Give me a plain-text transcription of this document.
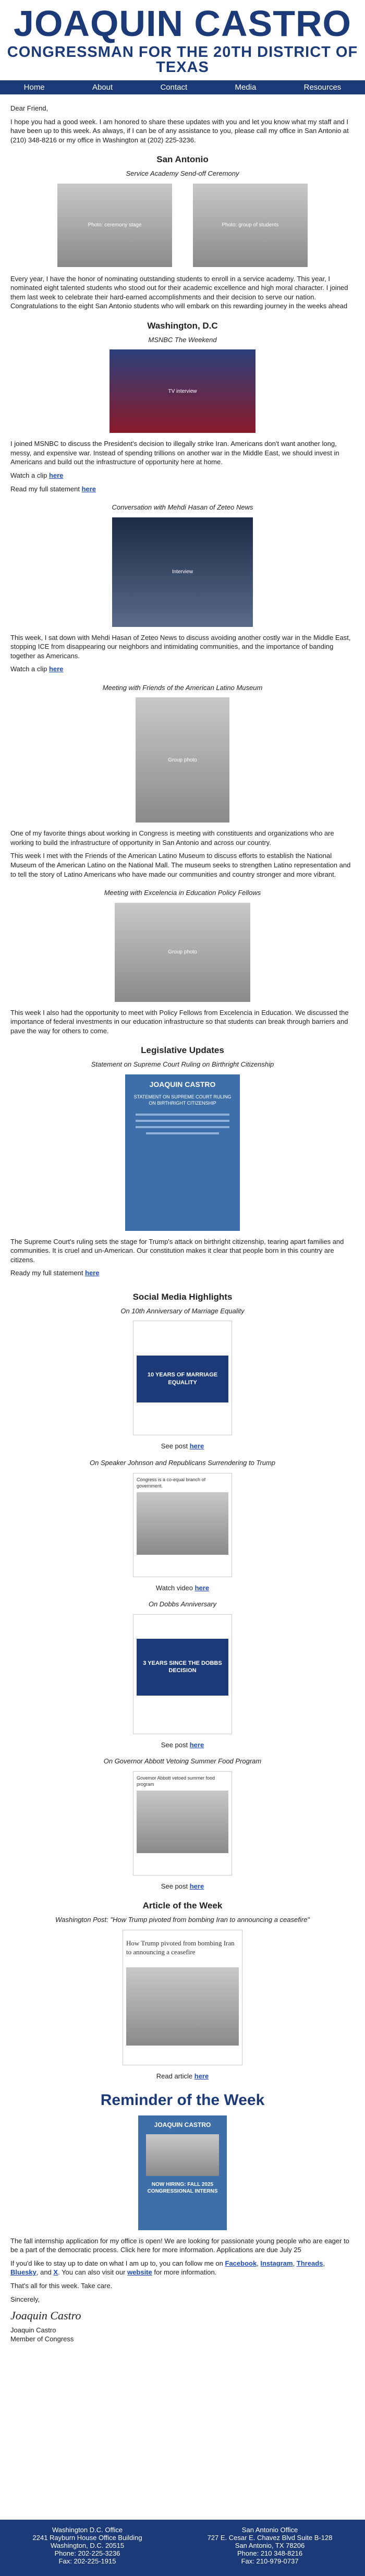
JOAQUIN CASTRO
CONGRESSMAN FOR THE 20TH DISTRICT OF TEXAS
Home	About	Contact	Media	Resources

Dear Friend,

I hope you had a good week. I am honored to share these updates with you and let you know what my staff and I have been up to this week. As always, if I can be of any assistance to you, please call my office in San Antonio at (210) 348-8216 or my office in Washington at (202) 225-3236.

San Antonio
Service Academy Send-off Ceremony
Photo: ceremony stage	Photo: group of students

Every year, I have the honor of nominating outstanding students to enroll in a service academy. This year, I nominated eight talented students who stood out for their academic excellence and high moral character. I joined them last week to celebrate their hard-earned accomplishments and their decision to serve our nation. Congratulations to the eight San Antonio students who will embark on this rewarding journey in the weeks ahead

Washington, D.C
MSNBC The Weekend
TV interview

I joined MSNBC to discuss the President's decision to illegally strike Iran. Americans don't want another long, messy, and expensive war. Instead of spending trillions on another war in the Middle East, we should invest in Americans and build out the infrastructure of opportunity here at home.

Watch a clip here

Read my full statement here

Conversation with Mehdi Hasan of Zeteo News
Interview

This week, I sat down with Mehdi Hasan of Zeteo News to discuss avoiding another costly war in the Middle East, stopping ICE from disappearing our neighbors and intimidating communities, and the importance of banding together as Americans.

Watch a clip here

Meeting with Friends of the American Latino Museum
Group photo

One of my favorite things about working in Congress is meeting with constituents and organizations who are working to build the infrastructure of opportunity in San Antonio and across our country.

This week I met with the Friends of the American Latino Museum to discuss efforts to establish the National Museum of the American Latino on the National Mall. The museum seeks to strengthen Latino representation and to tell the story of Latino Americans who have made our communities and country stronger and more vibrant.

Meeting with Excelencia in Education Policy Fellows
Group photo

This week I also had the opportunity to meet with Policy Fellows from Excelencia in Education. We discussed the importance of federal investments in our education infrastructure so that students can break through barriers and pave the way for others to come.

Legislative Updates
Statement on Supreme Court Ruling on Birthright Citizenship
JOAQUIN CASTRO
STATEMENT ON SUPREME COURT RULING ON BIRTHRIGHT CITIZENSHIP

The Supreme Court's ruling sets the stage for Trump's attack on birthright citizenship, tearing apart families and communities. It is cruel and un-American. Our constitution makes it clear that people born in this country are citizens.

Ready my full statement here

Social Media Highlights
On 10th Anniversary of Marriage Equality
10 YEARS OF MARRIAGE EQUALITY
See post here
On Speaker Johnson and Republicans Surrendering to Trump
Congress is a co-equal branch of government.
Watch video here
On Dobbs Anniversary
3 YEARS SINCE THE DOBBS DECISION
See post here
On Governor Abbott Vetoing Summer Food Program
Governor Abbott vetoed summer food program
See post here
Article of the Week
Washington Post: "How Trump pivoted from bombing Iran to announcing a ceasefire"
How Trump pivoted from bombing Iran to announcing a ceasefire
Read article here
Reminder of the Week
JOAQUIN CASTRO
NOW HIRING: FALL 2025 CONGRESSIONAL INTERNS

The fall internship application for my office is open! We are looking for passionate young people who are eager to be a part of the democratic process. Click here for more information. Applications are due July 25

If you'd like to stay up to date on what I am up to, you can follow me on Facebook, Instagram, Threads, Bluesky, and X. You can also visit our website for more information.

That's all for this week. Take care.

Sincerely,

Joaquin Castro
Joaquin Castro
Member of Congress
Washington D.C. Office
2241 Rayburn House Office Building
Washington, D.C. 20515
Phone: 202-225-3236
Fax: 202-225-1915
San Antonio Office
727 E. Cesar E. Chavez Blvd Suite B-128
San Antonio, TX 78206
Phone: 210 348-8216
Fax: 210-979-0737
